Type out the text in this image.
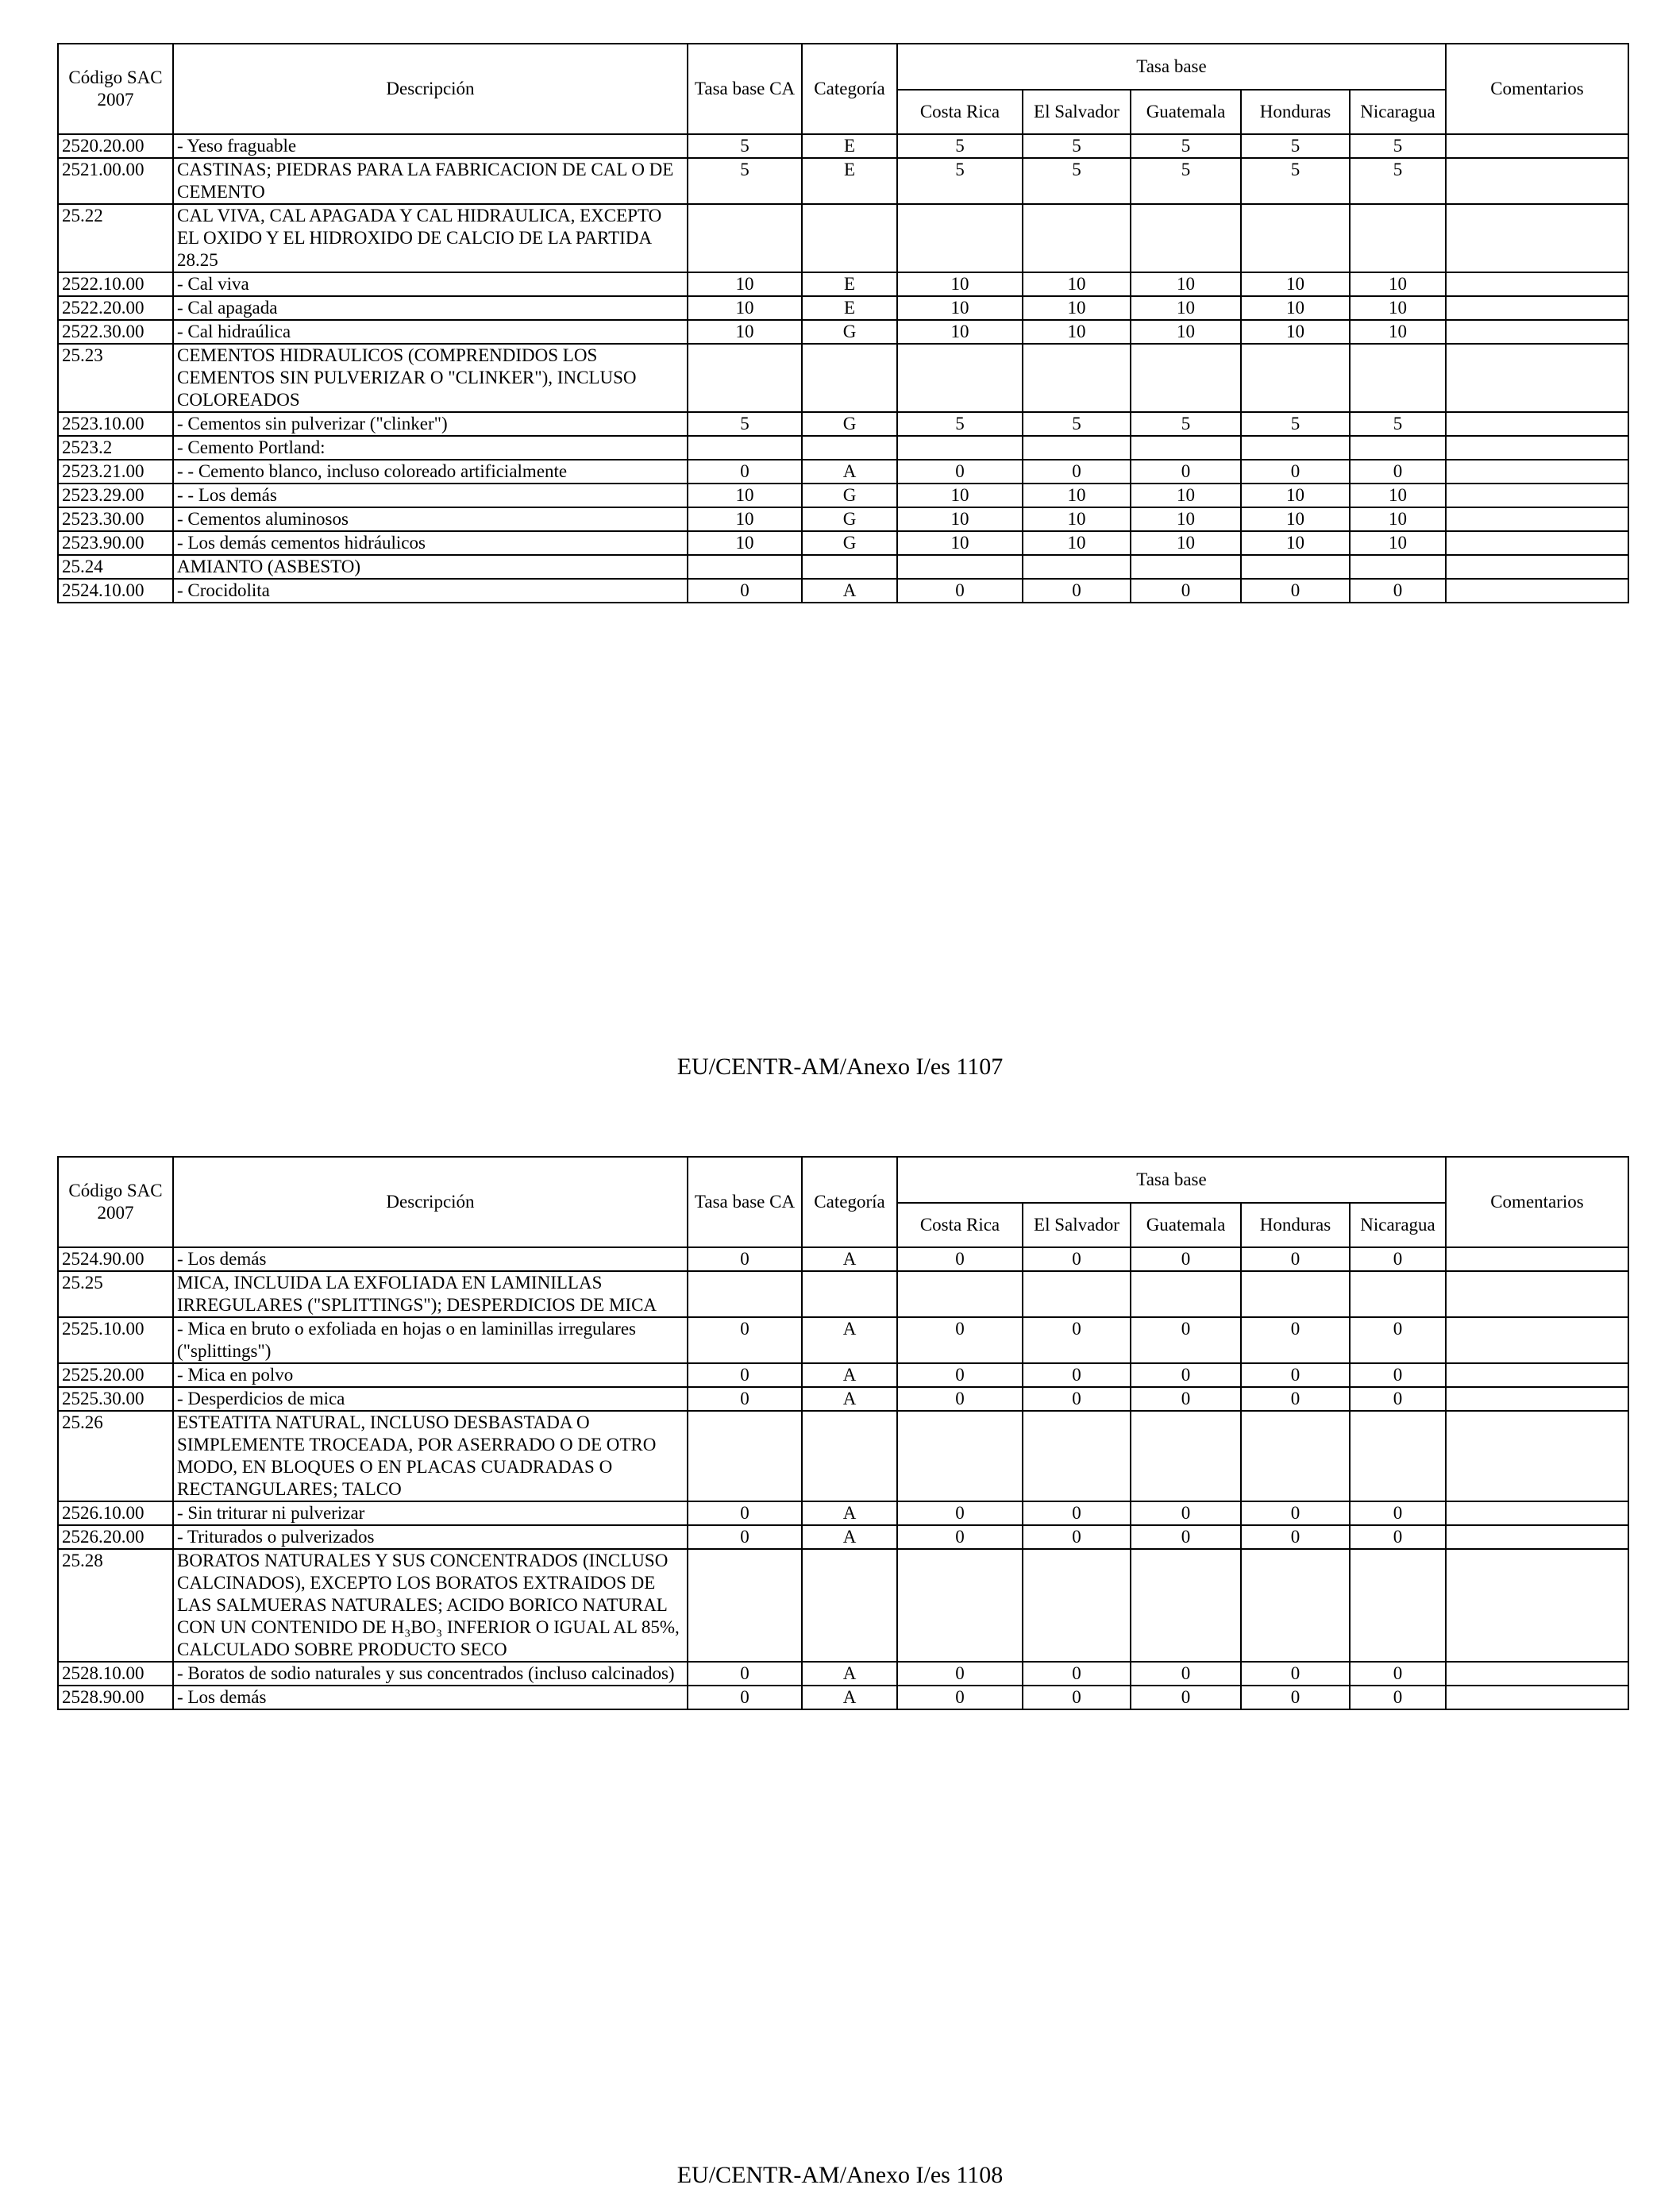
Código SAC 2007	Descripción	Tasa base CA	Categoría	Tasa base					Comentarios
				Costa Rica	El Salvador	Guatemala	Honduras	Nicaragua	
2520.20.00	- Yeso fraguable	5	E	5	5	5	5	5	
2521.00.00	CASTINAS; PIEDRAS PARA LA FABRICACION DE CAL O DE CEMENTO	5	E	5	5	5	5	5	
25.22	CAL VIVA, CAL APAGADA Y CAL HIDRAULICA, EXCEPTO EL OXIDO Y EL HIDROXIDO DE CALCIO DE LA PARTIDA 28.25								
2522.10.00	- Cal viva	10	E	10	10	10	10	10	
2522.20.00	- Cal apagada	10	E	10	10	10	10	10	
2522.30.00	- Cal hidraúlica	10	G	10	10	10	10	10	
25.23	CEMENTOS HIDRAULICOS (COMPRENDIDOS LOS CEMENTOS SIN PULVERIZAR O "CLINKER"), INCLUSO COLOREADOS								
2523.10.00	- Cementos sin pulverizar ("clinker")	5	G	5	5	5	5	5	
2523.2	- Cemento Portland:								
2523.21.00	- - Cemento blanco, incluso coloreado artificialmente	0	A	0	0	0	0	0	
2523.29.00	- - Los demás	10	G	10	10	10	10	10	
2523.30.00	- Cementos aluminosos	10	G	10	10	10	10	10	
2523.90.00	- Los demás cementos hidráulicos	10	G	10	10	10	10	10	
25.24	AMIANTO (ASBESTO)								
2524.10.00	- Crocidolita	0	A	0	0	0	0	0	
EU/CENTR-AM/Anexo I/es 1107
Código SAC 2007	Descripción	Tasa base CA	Categoría	Tasa base					Comentarios
				Costa Rica	El Salvador	Guatemala	Honduras	Nicaragua	
2524.90.00	- Los demás	0	A	0	0	0	0	0	
25.25	MICA, INCLUIDA LA EXFOLIADA EN LAMINILLAS IRREGULARES ("SPLITTINGS"); DESPERDICIOS DE MICA								
2525.10.00	- Mica en bruto o exfoliada en hojas o en laminillas irregulares ("splittings")	0	A	0	0	0	0	0	
2525.20.00	- Mica en polvo	0	A	0	0	0	0	0	
2525.30.00	- Desperdicios de mica	0	A	0	0	0	0	0	
25.26	ESTEATITA NATURAL, INCLUSO DESBASTADA O SIMPLEMENTE TROCEADA, POR ASERRADO O DE OTRO MODO, EN BLOQUES O EN PLACAS CUADRADAS O RECTANGULARES; TALCO								
2526.10.00	- Sin triturar ni pulverizar	0	A	0	0	0	0	0	
2526.20.00	- Triturados o pulverizados	0	A	0	0	0	0	0	
25.28	BORATOS NATURALES Y SUS CONCENTRADOS (INCLUSO CALCINADOS), EXCEPTO LOS BORATOS EXTRAIDOS DE LAS SALMUERAS NATURALES; ACIDO BORICO NATURAL CON UN CONTENIDO DE H₃BO₃ INFERIOR O IGUAL AL 85%, CALCULADO SOBRE PRODUCTO SECO								
2528.10.00	- Boratos de sodio naturales y sus concentrados (incluso calcinados)	0	A	0	0	0	0	0	
2528.90.00	- Los demás	0	A	0	0	0	0	0	
EU/CENTR-AM/Anexo I/es 1108
